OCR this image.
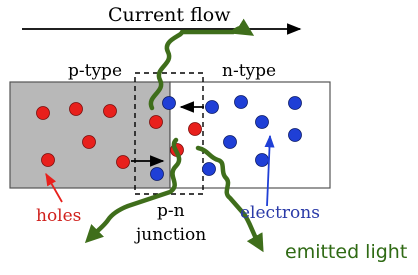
Current flow
p-type	n-type
holes	electrons
p-n
junction
emitted light
